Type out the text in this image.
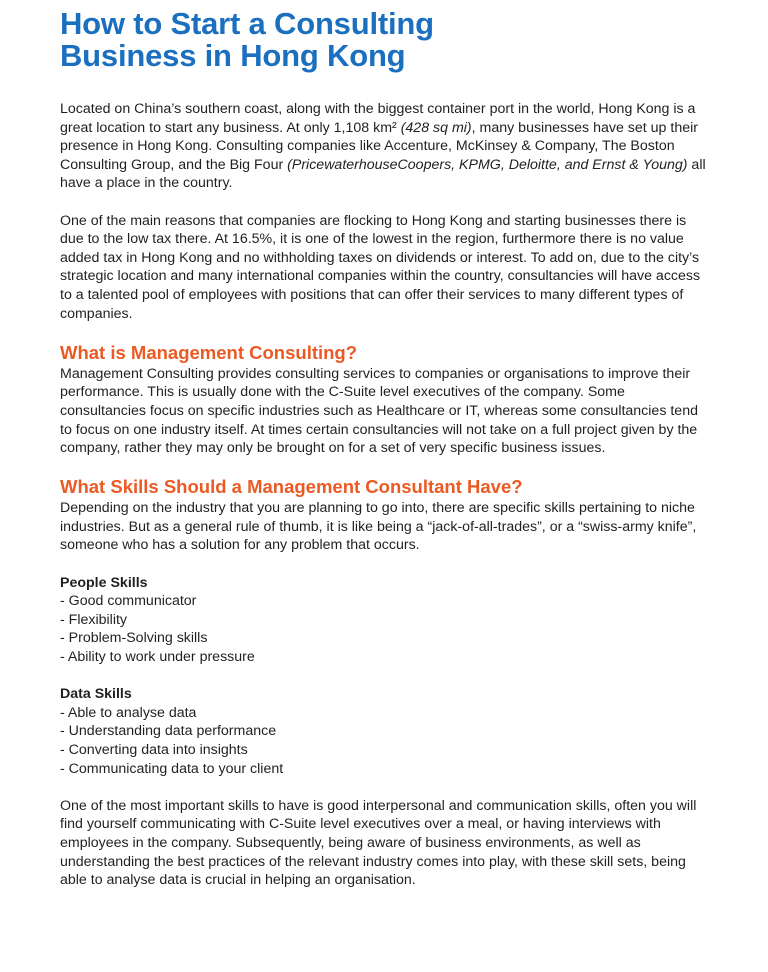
How to Start a Consulting
Business in Hong Kong

Located on China’s southern coast, along with the biggest container port in the world, Hong Kong is a great location to start any business. At only 1,108 km² (428 sq mi), many businesses have set up their presence in Hong Kong. Consulting companies like Accenture, McKinsey & Company, The Boston Consulting Group, and the Big Four (PricewaterhouseCoopers, KPMG, Deloitte, and Ernst & Young) all have a place in the country.

One of the main reasons that companies are flocking to Hong Kong and starting businesses there is due to the low tax there. At 16.5%, it is one of the lowest in the region, furthermore there is no value added tax in Hong Kong and no withholding taxes on dividends or interest. To add on, due to the city’s strategic location and many international companies within the country, consultancies will have access to a talented pool of employees with positions that can offer their services to many different types of companies.

What is Management Consulting?

Management Consulting provides consulting services to companies or organisations to improve their performance. This is usually done with the C-Suite level executives of the company. Some consultancies focus on specific industries such as Healthcare or IT, whereas some consultancies tend to focus on one industry itself. At times certain consultancies will not take on a full project given by the company, rather they may only be brought on for a set of very specific business issues.

What Skills Should a Management Consultant Have?

Depending on the industry that you are planning to go into, there are specific skills pertaining to niche industries. But as a general rule of thumb, it is like being a “jack-of-all-trades”, or a “swiss-army knife”, someone who has a solution for any problem that occurs.

People Skills

- Good communicator
- Flexibility
- Problem-Solving skills
- Ability to work under pressure

Data Skills

- Able to analyse data
- Understanding data performance
- Converting data into insights
- Communicating data to your client

One of the most important skills to have is good interpersonal and communication skills, often you will find yourself communicating with C-Suite level executives over a meal, or having interviews with employees in the company. Subsequently, being aware of business environments, as well as understanding the best practices of the relevant industry comes into play, with these skill sets, being able to analyse data is crucial in helping an organisation.
